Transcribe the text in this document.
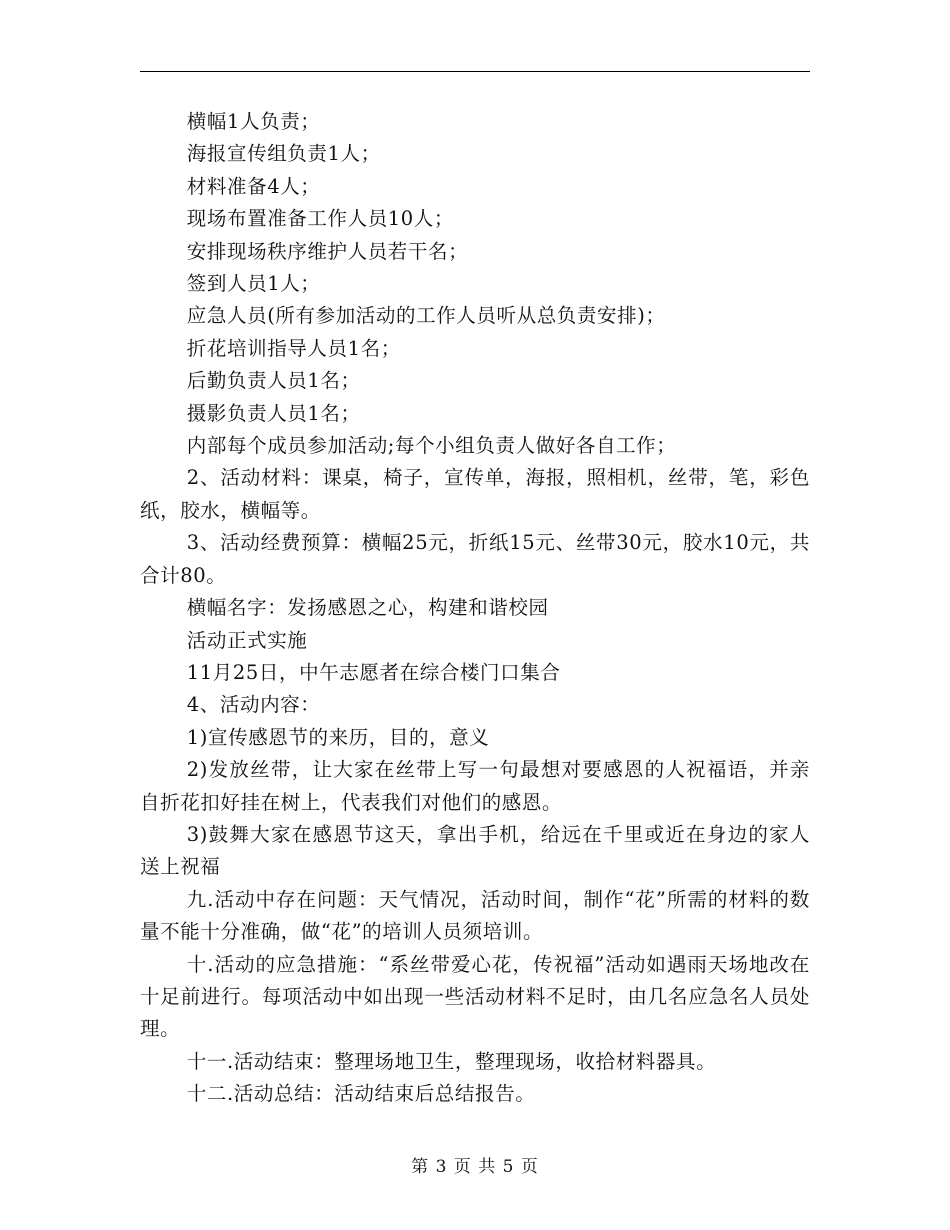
横幅1人负责；

海报宣传组负责1人；

材料准备4人；

现场布置准备工作人员10人；

安排现场秩序维护人员若干名；

签到人员1人；

应急人员(所有参加活动的工作人员听从总负责安排)；

折花培训指导人员1名；

后勤负责人员1名；

摄影负责人员1名；

内部每个成员参加活动;每个小组负责人做好各自工作；

2、活动材料：课桌，椅子，宣传单，海报，照相机，丝带，笔，彩色纸，胶水，横幅等。

3、活动经费预算：横幅25元，折纸15元、丝带30元，胶水10元，共合计80。

横幅名字：发扬感恩之心，构建和谐校园

活动正式实施

11月25日，中午志愿者在综合楼门口集合

4、活动内容：

1)宣传感恩节的来历，目的，意义

2)发放丝带，让大家在丝带上写一句最想对要感恩的人祝福语，并亲自折花扣好挂在树上，代表我们对他们的感恩。

3)鼓舞大家在感恩节这天，拿出手机，给远在千里或近在身边的家人送上祝福

九.活动中存在问题：天气情况，活动时间，制作“花”所需的材料的数量不能十分准确，做“花”的培训人员须培训。

十.活动的应急措施：“系丝带爱心花，传祝福”活动如遇雨天场地改在十足前进行。每项活动中如出现一些活动材料不足时，由几名应急名人员处理。

十一.活动结束：整理场地卫生，整理现场，收拾材料器具。

十二.活动总结：活动结束后总结报告。

第 3 页 共 5 页
